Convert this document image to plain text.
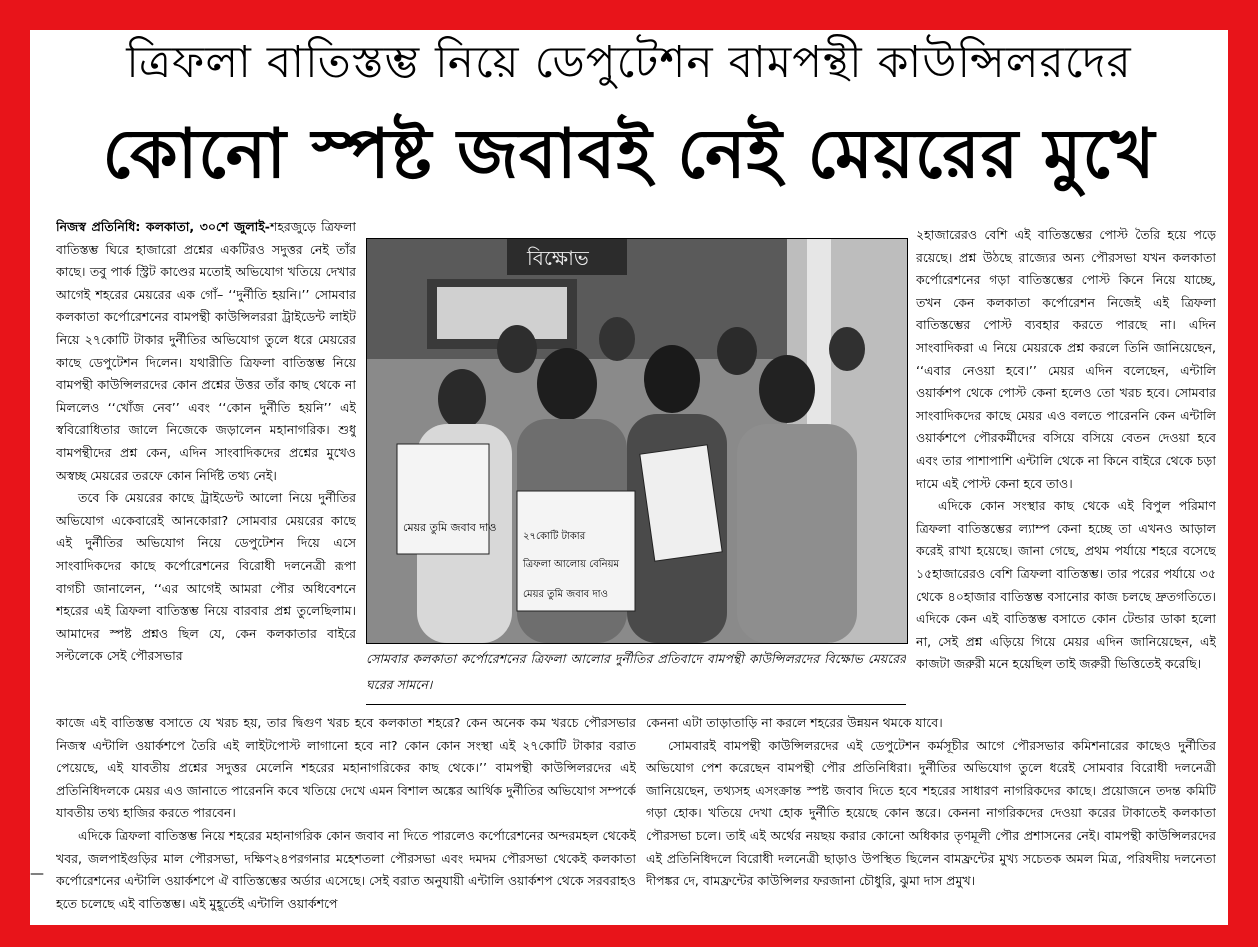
ত্রিফলা বাতিস্তম্ভ নিয়ে ডেপুটেশন বামপন্থী কাউন্সিলরদের
কোনো স্পষ্ট জবাবই নেই মেয়রের মুখে

নিজস্ব প্রতিনিধি: কলকাতা, ৩০শে জুলাই-শহরজুড়ে ত্রিফলা বাতিস্তম্ভ ঘিরে হাজারো প্রশ্নের একটিরও সদুত্তর নেই তাঁর কাছে। তবু পার্ক স্ট্রিট কাণ্ডের মতোই অভিযোগ খতিয়ে দেখার আগেই শহরের মেয়রের এক গোঁ– ‘‘দুর্নীতি হয়নি।’’ সোমবার কলকাতা কর্পোরেশনের বামপন্থী কাউন্সিলররা ট্রাইডেন্ট লাইট নিয়ে ২৭কোটি টাকার দুর্নীতির অভিযোগ তুলে ধরে মেয়রের কাছে ডেপুটেশন দিলেন। যথারীতি ত্রিফলা বাতিস্তম্ভ নিয়ে বামপন্থী কাউন্সিলরদের কোন প্রশ্নের উত্তর তাঁর কাছ থেকে না মিললেও ‘‘খোঁজ নেব’’ এবং ‘‘কোন দুর্নীতি হয়নি’’ এই স্ববিরোধিতার জালে নিজেকে জড়ালেন মহানাগরিক। শুধু বামপন্থীদের প্রশ্ন কেন, এদিন সাংবাদিকদের প্রশ্নের মুখেও অস্বচ্ছ মেয়রের তরফে কোন নির্দিষ্ট তথ্য নেই।

তবে কি মেয়রের কাছে ট্রাইডেন্ট আলো নিয়ে দুর্নীতির অভিযোগ একেবারেই আনকোরা? সোমবার মেয়রের কাছে এই দুর্নীতির অভিযোগ নিয়ে ডেপুটেশন দিয়ে এসে সাংবাদিকদের কাছে কর্পোরেশনের বিরোধী দলনেত্রী রূপা বাগচী জানালেন, ‘‘এর আগেই আমরা পৌর অধিবেশনে শহরের এই ত্রিফলা বাতিস্তম্ভ নিয়ে বারবার প্রশ্ন তুলেছিলাম। আমাদের স্পষ্ট প্রশ্নও ছিল যে, কেন কলকাতার বাইরে সল্টলেকে সেই পৌরসভার

বিক্ষোভ
মেয়র তুমি জবাব দাও
২৭কোটি টাকার
ত্রিফলা আলোয় বেনিয়ম
মেয়র তুমি জবাব দাও
সোমবার কলকাতা কর্পোরেশনের ত্রিফলা আলোর দুর্নীতির প্রতিবাদে বামপন্থী কাউন্সিলরদের বিক্ষোভ মেয়রের ঘরের সামনে।

২হাজারেরও বেশি এই বাতিস্তম্ভের পোস্ট তৈরি হয়ে পড়ে রয়েছে। প্রশ্ন উঠছে রাজ্যের অন্য পৌরসভা যখন কলকাতা কর্পোরেশনের গড়া বাতিস্তম্ভের পোস্ট কিনে নিয়ে যাচ্ছে, তখন কেন কলকাতা কর্পোরেশন নিজেই এই ত্রিফলা বাতিস্তম্ভের পোস্ট ব্যবহার করতে পারছে না। এদিন সাংবাদিকরা এ নিয়ে মেয়রকে প্রশ্ন করলে তিনি জানিয়েছেন, ‘‘এবার নেওয়া হবে।’’ মেয়র এদিন বলেছেন, এন্টালি ওয়ার্কশপ থেকে পোস্ট কেনা হলেও তো খরচ হবে। সোমবার সাংবাদিকদের কাছে মেয়র এও বলতে পারেননি কেন এন্টালি ওয়ার্কশপে পৌরকর্মীদের বসিয়ে বসিয়ে বেতন দেওয়া হবে এবং তার পাশাপাশি এন্টালি থেকে না কিনে বাইরে থেকে চড়া দামে এই পোস্ট কেনা হবে তাও।

এদিকে কোন সংস্থার কাছ থেকে এই বিপুল পরিমাণ ত্রিফলা বাতিস্তম্ভের ল্যাম্প কেনা হচ্ছে তা এখনও আড়াল করেই রাখা হয়েছে। জানা গেছে, প্রথম পর্যায়ে শহরে বসেছে ১৫হাজারেরও বেশি ত্রিফলা বাতিস্তম্ভ। তার পরের পর্যায়ে ৩৫ থেকে ৪০হাজার বাতিস্তম্ভ বসানোর কাজ চলছে দ্রুতগতিতে। এদিকে কেন এই বাতিস্তম্ভ বসাতে কোন টেন্ডার ডাকা হলো না, সেই প্রশ্ন এড়িয়ে গিয়ে মেয়র এদিন জানিয়েছেন, এই কাজটা জরুরী মনে হয়েছিল তাই জরুরী ভিত্তিতেই করেছি।

কাজে এই বাতিস্তম্ভ বসাতে যে খরচ হয়, তার দ্বিগুণ খরচ হবে কলকাতা শহরে? কেন অনেক কম খরচে পৌরসভার নিজস্ব এন্টালি ওয়ার্কশপে তৈরি এই লাইটপোস্ট লাগানো হবে না? কোন কোন সংস্থা এই ২৭কোটি টাকার বরাত পেয়েছে, এই যাবতীয় প্রশ্নের সদুত্তর মেলেনি শহরের মহানাগরিকের কাছ থেকে।’’ বামপন্থী কাউন্সিলরদের এই প্রতিনিধিদলকে মেয়র এও জানাতে পারেননি কবে খতিয়ে দেখে এমন বিশাল অঙ্কের আর্থিক দুর্নীতির অভিযোগ সম্পর্কে যাবতীয় তথ্য হাজির করতে পারবেন।

এদিকে ত্রিফলা বাতিস্তম্ভ নিয়ে শহরের মহানাগরিক কোন জবাব না দিতে পারলেও কর্পোরেশনের অন্দরমহল থেকেই খবর, জলপাইগুড়ির মাল পৌরসভা, দক্ষিণ২৪পরগনার মহেশতলা পৌরসভা এবং দমদম পৌরসভা থেকেই কলকাতা কর্পোরেশনের এন্টালি ওয়ার্কশপে ঐ বাতিস্তম্ভের অর্ডার এসেছে। সেই বরাত অনুযায়ী এন্টালি ওয়ার্কশপ থেকে সরবরাহও হতে চলেছে এই বাতিস্তম্ভ। এই মুহূর্তেই এন্টালি ওয়ার্কশপে

কেননা এটা তাড়াতাড়ি না করলে শহরের উন্নয়ন থমকে যাবে।

সোমবারই বামপন্থী কাউন্সিলরদের এই ডেপুটেশন কর্মসূচীর আগে পৌরসভার কমিশনারের কাছেও দুর্নীতির অভিযোগ পেশ করেছেন বামপন্থী পৌর প্রতিনিধিরা। দুর্নীতির অভিযোগ তুলে ধরেই সোমবার বিরোধী দলনেত্রী জানিয়েছেন, তথ্যসহ এসংক্রান্ত স্পষ্ট জবাব দিতে হবে শহরের সাধারণ নাগরিকদের কাছে। প্রয়োজনে তদন্ত কমিটি গড়া হোক। খতিয়ে দেখা হোক দুর্নীতি হয়েছে কোন স্তরে। কেননা নাগরিকদের দেওয়া করের টাকাতেই কলকাতা পৌরসভা চলে। তাই এই অর্থের নয়ছয় করার কোনো অধিকার তৃণমূলী পৌর প্রশাসনের নেই। বামপন্থী কাউন্সিলরদের এই প্রতিনিধিদলে বিরোধী দলনেত্রী ছাড়াও উপস্থিত ছিলেন বামফ্রন্টের মুখ্য সচেতক অমল মিত্র, পরিষদীয় দলনেতা দীপঙ্কর দে, বামফ্রন্টের কাউন্সিলর ফরজানা চৌধুরি, ঝুমা দাস প্রমুখ।

—
